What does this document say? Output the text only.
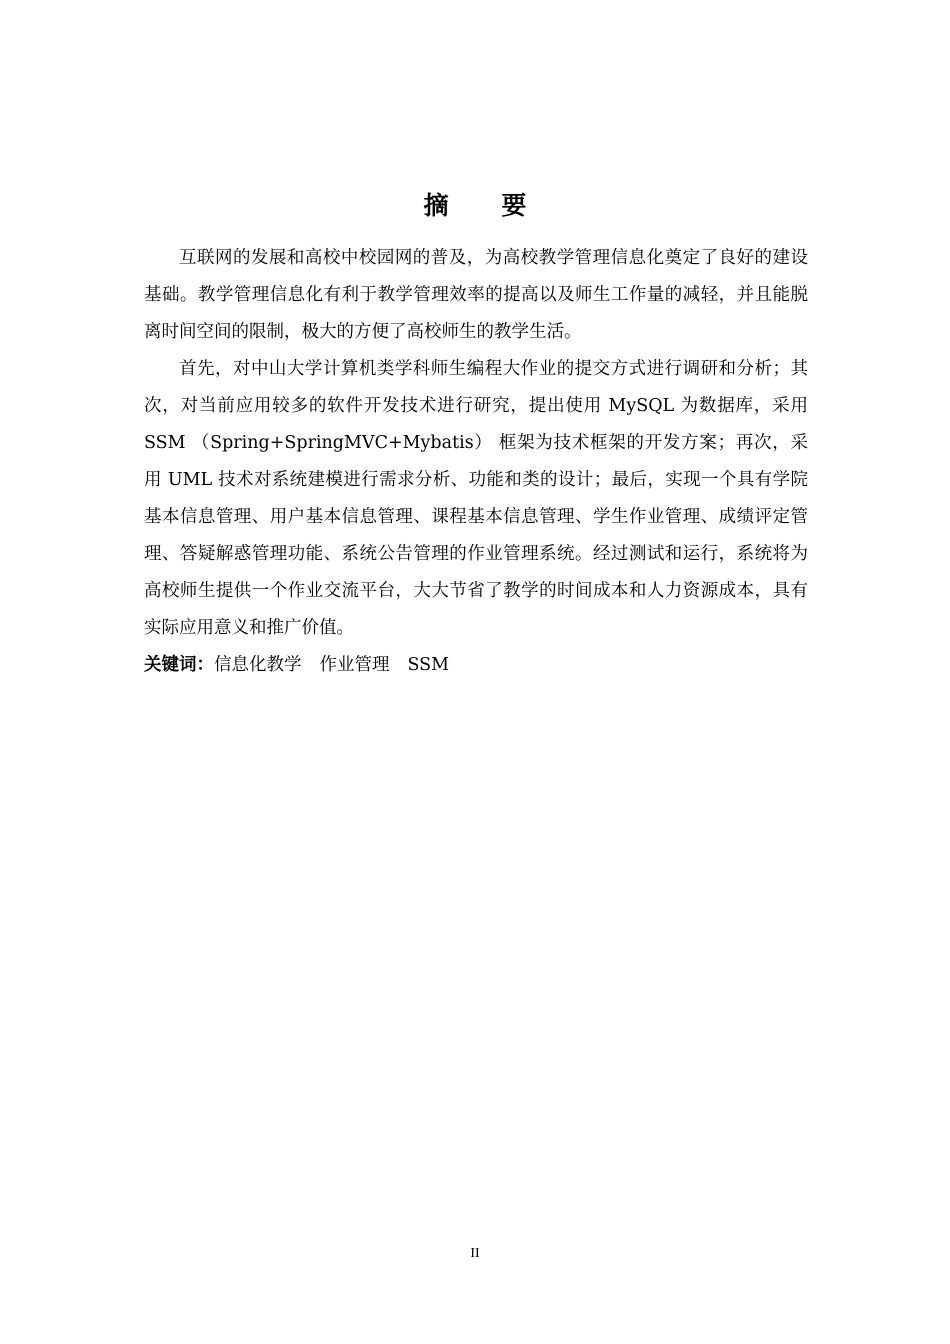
摘 要

互联网的发展和高校中校园网的普及，为高校教学管理信息化奠定了良好的建设基础。教学管理信息化有利于教学管理效率的提高以及师生工作量的减轻，并且能脱离时间空间的限制，极大的方便了高校师生的教学生活。

首先，对中山大学计算机类学科师生编程大作业的提交方式进行调研和分析；其次，对当前应用较多的软件开发技术进行研究，提出使用 MySQL 为数据库，采用 SSM （Spring+SpringMVC+Mybatis） 框架为技术框架的开发方案；再次，采用 UML 技术对系统建模进行需求分析、功能和类的设计；最后，实现一个具有学院基本信息管理、用户基本信息管理、课程基本信息管理、学生作业管理、成绩评定管理、答疑解惑管理功能、系统公告管理的作业管理系统。经过测试和运行，系统将为高校师生提供一个作业交流平台，大大节省了教学的时间成本和人力资源成本，具有实际应用意义和推广价值。

关键词：信息化教学 作业管理 SSM
II
